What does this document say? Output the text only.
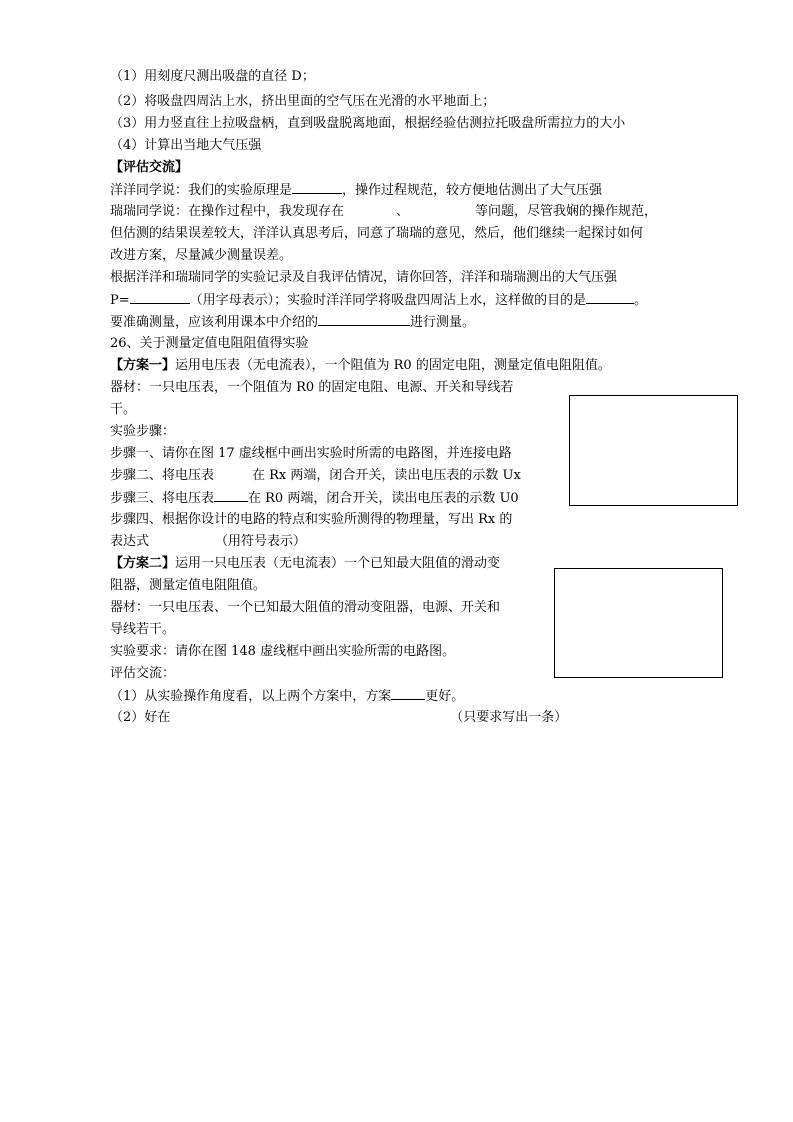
（1）用刻度尺测出吸盘的直径 D；
（2）将吸盘四周沾上水，挤出里面的空气压在光滑的水平地面上；
（3）用力竖直往上拉吸盘柄，直到吸盘脱离地面，根据经验估测拉托吸盘所需拉力的大小
（4）计算出当地大气压强
【评估交流】
洋洋同学说：我们的实验原理是	，操作过程规范，较方便地估测出了大气压强
瑞瑞同学说：在操作过程中，我发现存在	、	等问题，尽管我娴的操作规范，
但估测的结果误差较大，洋洋认真思考后，同意了瑞瑞的意见，然后，他们继续一起探讨如何
改进方案，尽量减少测量误差。
根据洋洋和瑞瑞同学的实验记录及自我评估情况，请你回答，洋洋和瑞瑞测出的大气压强
P=	（用字母表示）；实验时洋洋同学将吸盘四周沾上水，这样做的目的是	。
要准确测量，应该利用课本中介绍的	进行测量。
26、关于测量定值电阻阻值得实验
【方案一】运用电压表（无电流表），一个阻值为 R0 的固定电阻，测量定值电阻阻值。
器材：一只电压表，一个阻值为 R0 的固定电阻、电源、开关和导线若
干。
实验步骤：
步骤一、请你在图 17 虚线框中画出实验时所需的电路图，并连接电路
步骤二、将电压表	在 Rx 两端，闭合开关，读出电压表的示数 Ux
步骤三、将电压表	在 R0 两端，闭合开关，读出电压表的示数 U0
步骤四、根据你设计的电路的特点和实验所测得的物理量，写出 Rx 的
表达式	（用符号表示）
【方案二】运用一只电压表（无电流表）一个已知最大阻值的滑动变
阻器，测量定值电阻阻值。
器材：一只电压表、一个已知最大阻值的滑动变阻器，电源、开关和
导线若干。
实验要求：请你在图 148 虚线框中画出实验所需的电路图。
评估交流：
（1）从实验操作角度看，以上两个方案中，方案	更好。
（2）好在	（只要求写出一条）
